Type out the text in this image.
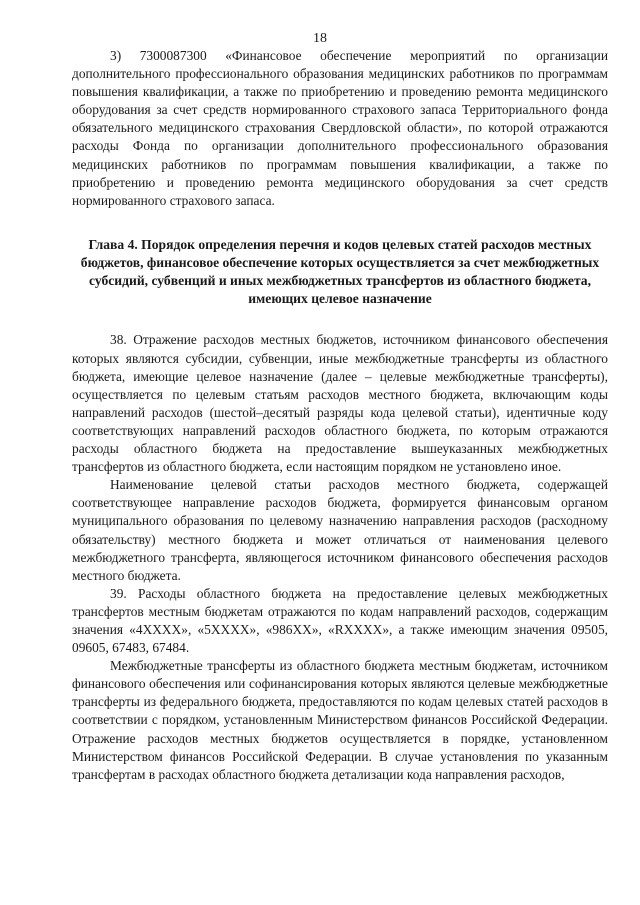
18

3) 7300087300 «Финансовое обеспечение мероприятий по организации дополнительного профессионального образования медицинских работников по программам повышения квалификации, а также по приобретению и проведению ремонта медицинского оборудования за счет средств нормированного страхового запаса Территориального фонда обязательного медицинского страхования Свердловской области», по которой отражаются расходы Фонда по организации дополнительного профессионального образования медицинских работников по программам повышения квалификации, а также по приобретению и проведению ремонта медицинского оборудования за счет средств нормированного страхового запаса.

Глава 4. Порядок определения перечня и кодов целевых статей расходов местных бюджетов, финансовое обеспечение которых осуществляется за счет межбюджетных субсидий, субвенций и иных межбюджетных трансфертов из областного бюджета, имеющих целевое назначение

38. Отражение расходов местных бюджетов, источником финансового обеспечения которых являются субсидии, субвенции, иные межбюджетные трансферты из областного бюджета, имеющие целевое назначение (далее – целевые межбюджетные трансферты), осуществляется по целевым статьям расходов местного бюджета, включающим коды направлений расходов (шестой–десятый разряды кода целевой статьи), идентичные коду соответствующих направлений расходов областного бюджета, по которым отражаются расходы областного бюджета на предоставление вышеуказанных межбюджетных трансфертов из областного бюджета, если настоящим порядком не установлено иное.

Наименование целевой статьи расходов местного бюджета, содержащей соответствующее направление расходов бюджета, формируется финансовым органом муниципального образования по целевому назначению направления расходов (расходному обязательству) местного бюджета и может отличаться от наименования целевого межбюджетного трансферта, являющегося источником финансового обеспечения расходов местного бюджета.

39. Расходы областного бюджета на предоставление целевых межбюджетных трансфертов местным бюджетам отражаются по кодам направлений расходов, содержащим значения «4XXXX», «5XXXX», «986XX», «RXXXX», а также имеющим значения 09505, 09605, 67483, 67484.

Межбюджетные трансферты из областного бюджета местным бюджетам, источником финансового обеспечения или софинансирования которых являются целевые межбюджетные трансферты из федерального бюджета, предоставляются по кодам целевых статей расходов в соответствии с порядком, установленным Министерством финансов Российской Федерации. Отражение расходов местных бюджетов осуществляется в порядке, установленном Министерством финансов Российской Федерации. В случае установления по указанным трансфертам в расходах областного бюджета детализации кода направления расходов,
